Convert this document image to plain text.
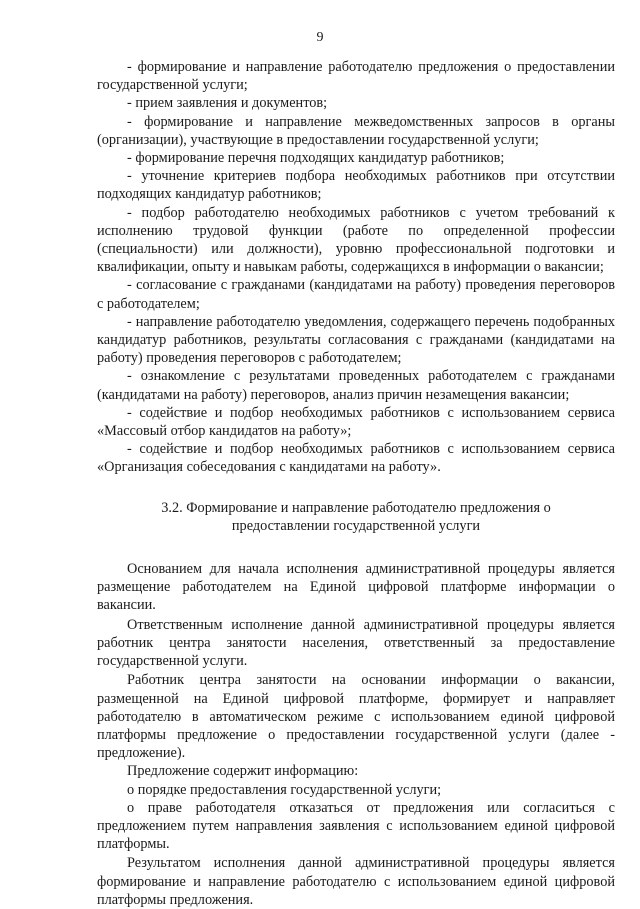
9

- формирование и направление работодателю предложения о предоставлении государственной услуги;

- прием заявления и документов;

- формирование и направление межведомственных запросов в органы (организации), участвующие в предоставлении государственной услуги;

- формирование перечня подходящих кандидатур работников;

- уточнение критериев подбора необходимых работников при отсутствии подходящих кандидатур работников;

- подбор работодателю необходимых работников с учетом требований к исполнению трудовой функции (работе по определенной профессии (специальности) или должности), уровню профессиональной подготовки и квалификации, опыту и навыкам работы, содержащихся в информации о вакансии;

- согласование с гражданами (кандидатами на работу) проведения переговоров с работодателем;

- направление работодателю уведомления, содержащего перечень подобранных кандидатур работников, результаты согласования с гражданами (кандидатами на работу) проведения переговоров с работодателем;

- ознакомление с результатами проведенных работодателем с гражданами (кандидатами на работу) переговоров, анализ причин незамещения вакансии;

- содействие и подбор необходимых работников с использованием сервиса «Массовый отбор кандидатов на работу»;

- содействие и подбор необходимых работников с использованием сервиса «Организация собеседования с кандидатами на работу».

3.2. Формирование и направление работодателю предложения о предоставлении государственной услуги

Основанием для начала исполнения административной процедуры является размещение работодателем на Единой цифровой платформе информации о вакансии.

Ответственным исполнение данной административной процедуры является работник центра занятости населения, ответственный за предоставление государственной услуги.

Работник центра занятости на основании информации о вакансии, размещенной на Единой цифровой платформе, формирует и направляет работодателю в автоматическом режиме с использованием единой цифровой платформы предложение о предоставлении государственной услуги (далее - предложение).

Предложение содержит информацию:

о порядке предоставления государственной услуги;

о праве работодателя отказаться от предложения или согласиться с предложением путем направления заявления с использованием единой цифровой платформы.

Результатом исполнения данной административной процедуры является формирование и направление работодателю с использованием единой цифровой платформы предложения.
